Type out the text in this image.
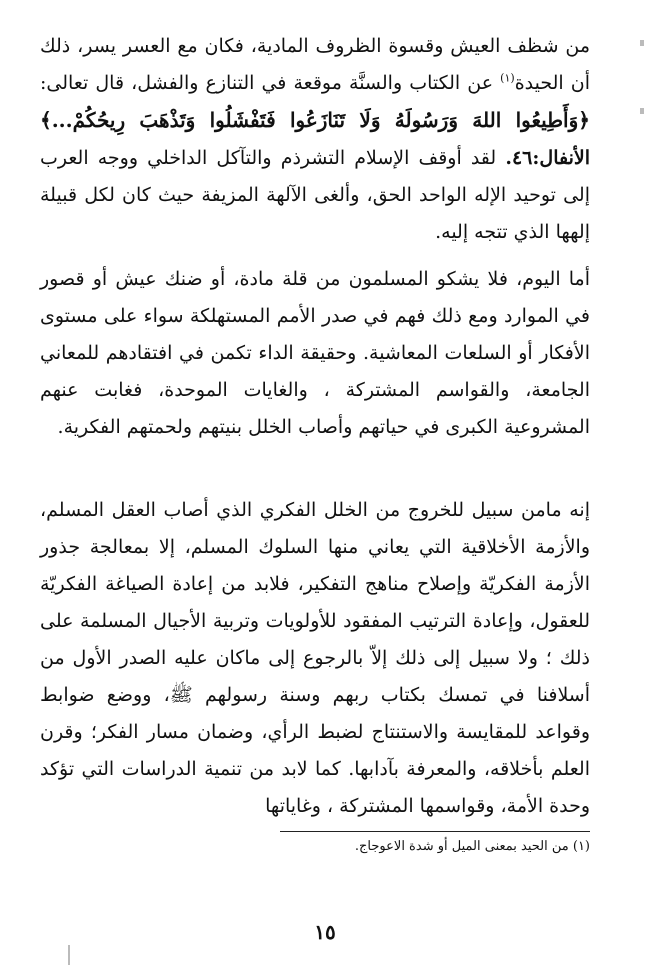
من شظف العيش وقسوة الظروف المادية، فكان مع العسر يسر، ذلك أن الحيدة$^{(١)}$ عن الكتاب والسنَّة موقعة في التنازع والفشل، قال تعالى: ﴿وَأَطِيعُوا اللهَ وَرَسُولَهُ وَلَا تَنَازَعُوا فَتَفْشَلُوا وَتَذْهَبَ رِيحُكُمْ...﴾ الأنفال:٤٦. لقد أوقف الإسلام التشرذم والتآكل الداخلي ووجه العرب إلى توحيد الإله الواحد الحق، وألغى الآلهة المزيفة حيث كان لكل قبيلة إلهها الذي تتجه إليه.

أما اليوم، فلا يشكو المسلمون من قلة مادة، أو ضنك عيش أو قصور في الموارد ومع ذلك فهم في صدر الأمم المستهلكة سواء على مستوى الأفكار أو السلعات المعاشية. وحقيقة الداء تكمن في افتقادهم للمعاني الجامعة، والقواسم المشتركة ، والغايات الموحدة، فغابت عنهم المشروعية الكبرى في حياتهم وأصاب الخلل بنيتهم ولحمتهم الفكرية.

إنه مامن سبيل للخروج من الخلل الفكري الذي أصاب العقل المسلم، والأزمة الأخلاقية التي يعاني منها السلوك المسلم، إلا بمعالجة جذور الأزمة الفكريّة وإصلاح مناهج التفكير، فلابد من إعادة الصياغة الفكريّة للعقول، وإعادة الترتيب المفقود للأولويات وتربية الأجيال المسلمة على ذلك ؛ ولا سبيل إلى ذلك إلاّ بالرجوع إلى ماكان عليه الصدر الأول من أسلافنا في تمسك بكتاب ربهم وسنة رسولهم ﷺ، ووضع ضوابط وقواعد للمقايسة والاستنتاج لضبط الرأي، وضمان مسار الفكر؛ وقرن العلم بأخلاقه، والمعرفة بآدابها. كما لابد من تنمية الدراسات التي تؤكد وحدة الأمة، وقواسمها المشتركة ، وغاياتها

(١) من الحيد بمعنى الميل أو شدة الاعوجاج.

١٥
